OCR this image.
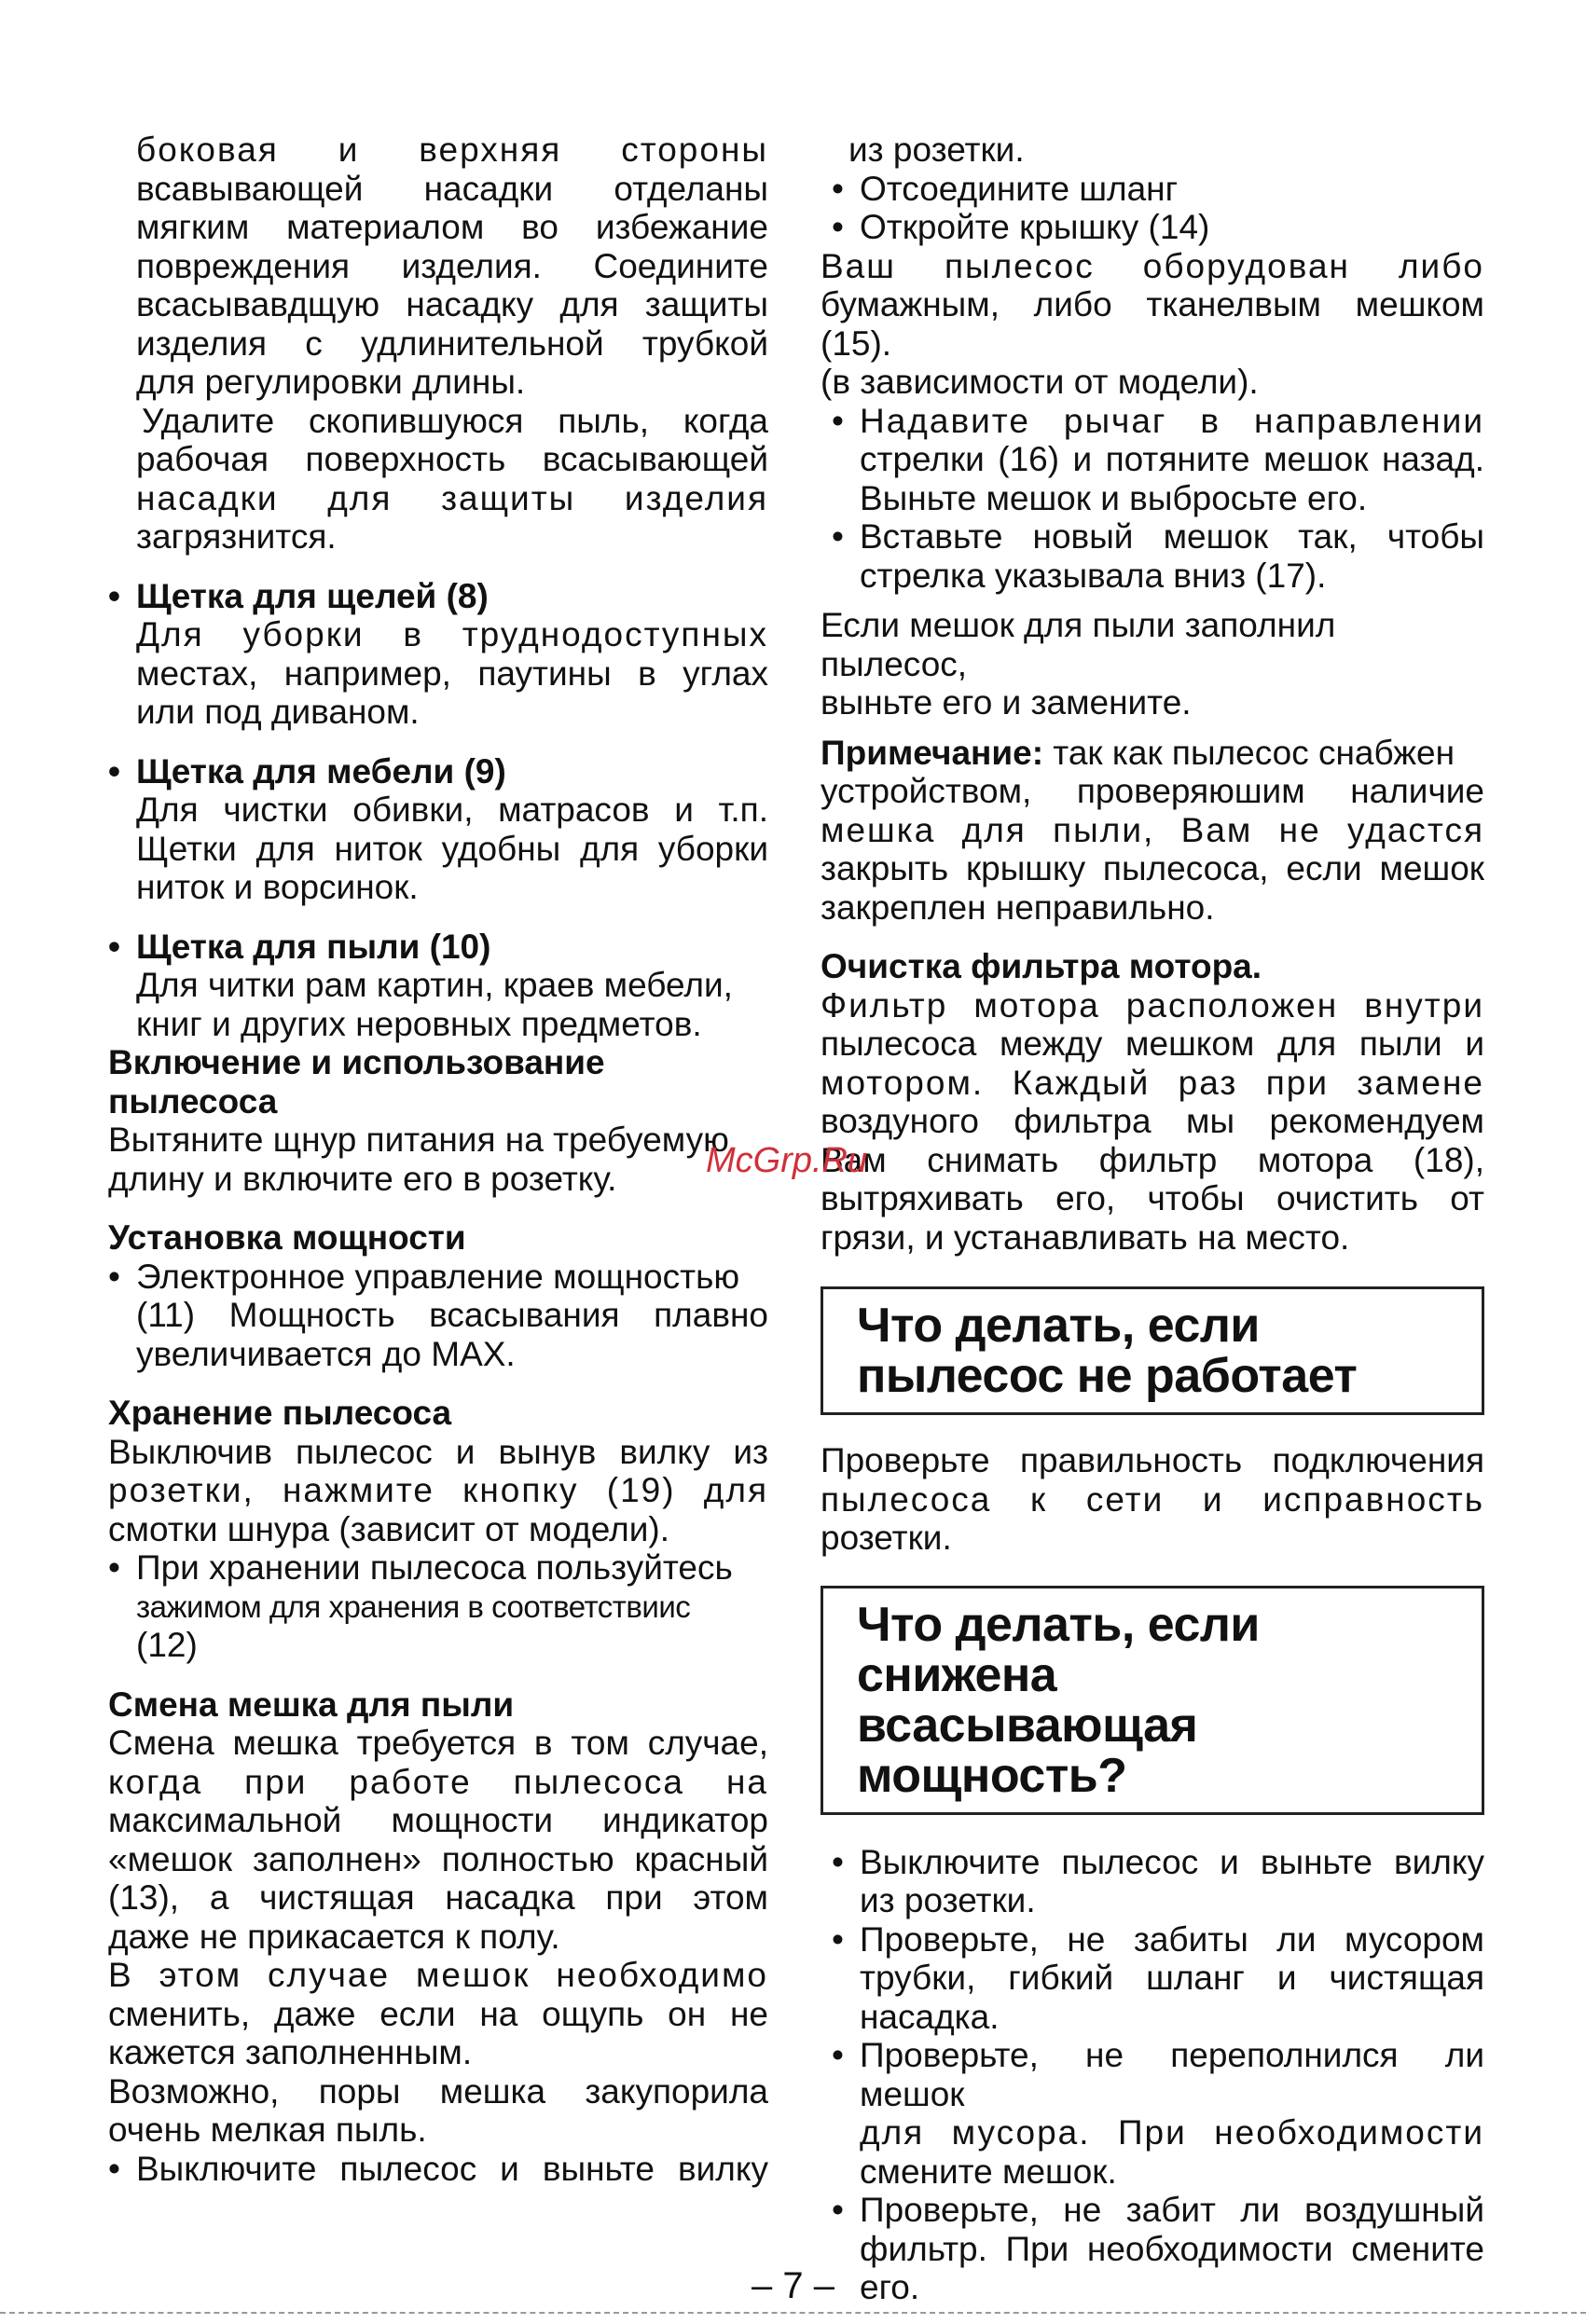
боковая и верхняя стороны

всавывающей насадки отделаны

мягким материалом во избежание

повреждения изделия. Соедините

всасывавдщую насадку для защиты

изделия с удлинительной трубкой

для регулировки длины.

Удалите скопившуюся пыль, когда

рабочая поверхность всасывающей

насадки для защиты изделия

загрязнится.

• Щетка для щелей (8)

Для уборки в труднодоступных

местах, например, паутины в углах

или под диваном.

• Щетка для мебели (9)

Для чистки обивки, матрасов и т.п.

Щетки для ниток удобны для уборки

ниток и ворсинок.

• Щетка для пыли (10)

Для читки рам картин, краев мебели,

книг и других неровных предметов.

Включение и использование пылесоса

Вытяните щнур питания на требуемую

длину и включите его в розетку.

Установка мощности

• Электронное управление мощностью

(11) Мощность всасывания плавно

увеличивается до MAX.

Хранение пылесоса

Выключив пылесос и вынув вилку из

розетки, нажмите кнопку (19) для

смотки шнура (зависит от модели).

• При хранении пылесоса пользуйтесь

зажимом для хранения в соответствиис

(12)

Смена мешка для пыли

Смена мешка требуется в том случае,

когда при работе пылесоса на

максимальной мощности индикатор

«мешок заполнен» полностью красный

(13), а чистящая насадка при этом

даже не прикасается к полу.

В этом случае мешок необходимо

сменить, даже если на ощупь он не

кажется заполненным.

Возможно, поры мешка закупорила

очень мелкая пыль.

• Выключите пылесос и выньте вилку

из розетки.

• Отсоедините шланг

• Откройте крышку (14)

Ваш пылесос оборудован либо

бумажным, либо тканелвым мешком

(15).

(в зависимости от модели).

• Надавите рычаг в направлении

стрелки (16) и потяните мешок назад.

Выньте мешок и выбросьте его.

• Вставьте новый мешок так, чтобы

стрелка указывала вниз (17).

Если мешок для пыли заполнил пылесос,

выньте его и замените.

Примечание: так как пылесос снабжен

устройством, проверяюшим наличие

мешка для пыли, Вам не удастся

закрыть крышку пылесоса, если мешок

закреплен неправильно.

Очистка фильтра мотора.

Фильтр мотора расположен внутри

пылесоса между мешком для пыли и

мотором. Каждый раз при замене

воздуного фильтра мы рекомендуем

Вам снимать фильтр мотора (18),

вытряхивать его, чтобы очистить от

грязи, и устанавливать на место.

Что делать, если
пылесос не работает

Проверьте правильность подключения

пылесоса к сети и исправность

розетки.

Что делать, если снижена
всасывающая мощность?
• Выключите пылесос и выньте вилку

из розетки.

• Проверьте, не забиты ли мусором

трубки, гибкий шланг и чистящая

насадка.

• Проверьте, не переполнился ли мешок

для мусора. При необходимости

смените мешок.

• Проверьте, не забит ли воздушный

фильтр. При необходимости смените

его.

McGrp.Ru
– 7 –
